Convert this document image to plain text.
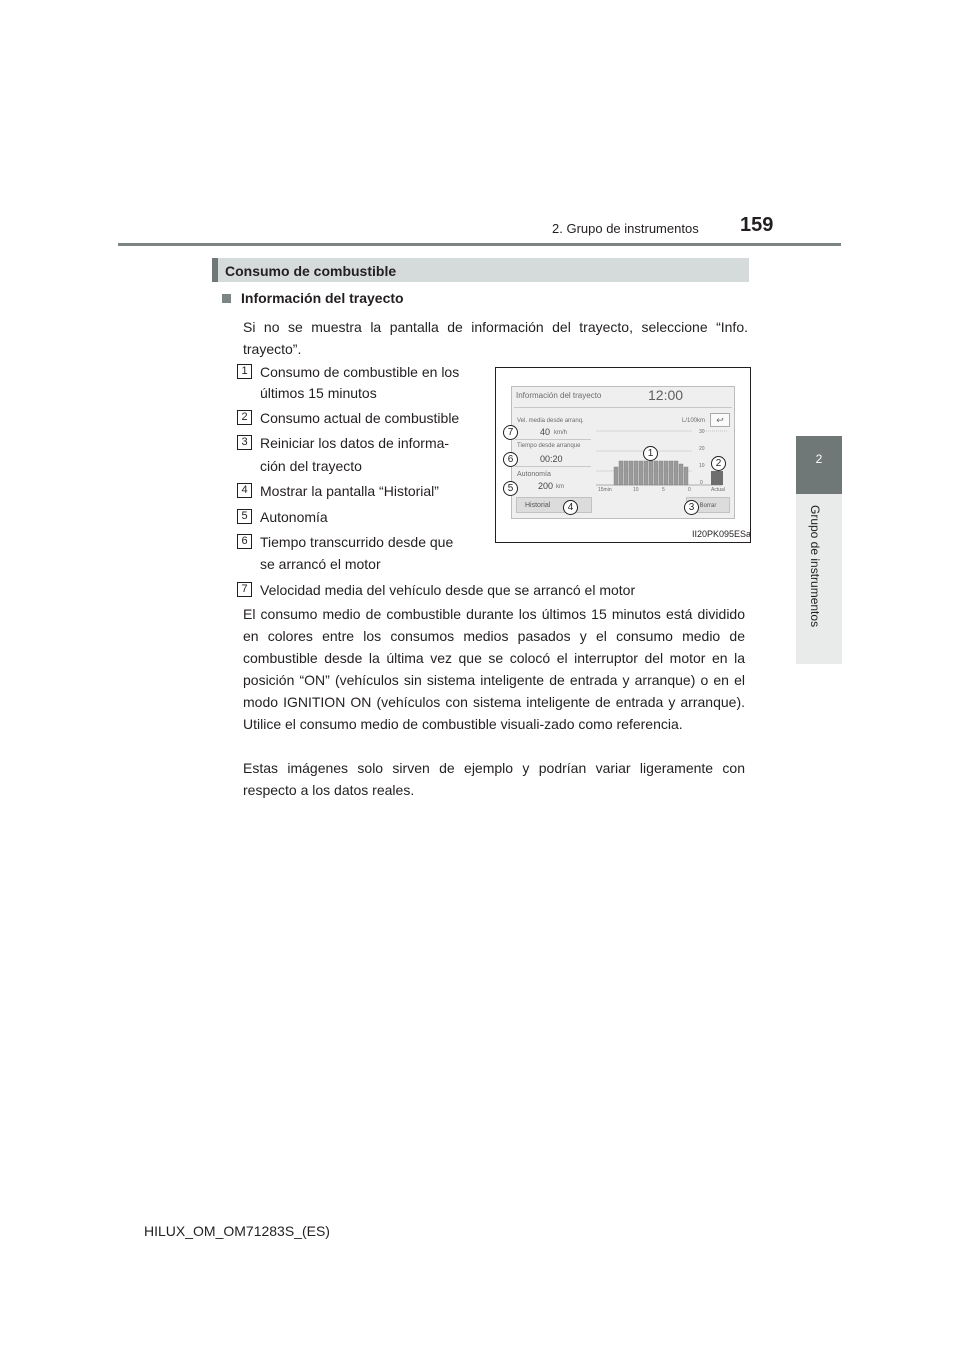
2. Grupo de instrumentos 159
2
Grupo de instrumentos
Consumo de combustible
Información del trayecto
Si no se muestra la pantalla de información del trayecto, seleccione “Info. trayecto”.
1 Consumo de combustible en los
últimos 15 minutos
2 Consumo actual de combustible
3 Reiniciar los datos de informa-
ción del trayecto
4 Mostrar la pantalla “Historial”
5 Autonomía
6 Tiempo transcurrido desde que
se arrancó el motor
7 Velocidad media del vehículo desde que se arrancó el motor
El consumo medio de combustible durante los últimos 15 minutos está dividido en colores entre los consumos medios pasados y el consumo medio de combustible desde la última vez que se colocó el interruptor del motor en la posición “ON” (vehículos sin sistema inteligente de entrada y arranque) o en el modo IGNITION ON (vehículos con sistema inteligente de entrada y arranque). Utilice el consumo medio de combustible visuali-zado como referencia.
Estas imágenes solo sirven de ejemplo y podrían variar ligeramente con respecto a los datos reales.
Información del trayecto	12:00
Vel. media desde arranq.
40 km/h
Tiempo desde arranque
00:20
Autonomía
200 km
L/100km	↩
30
20
10
0
15min	10	5	0	Actual
Historial	Borrar
1
2
3
4
5
6
7
II20PK095ESa
HILUX_OM_OM71283S_(ES)
